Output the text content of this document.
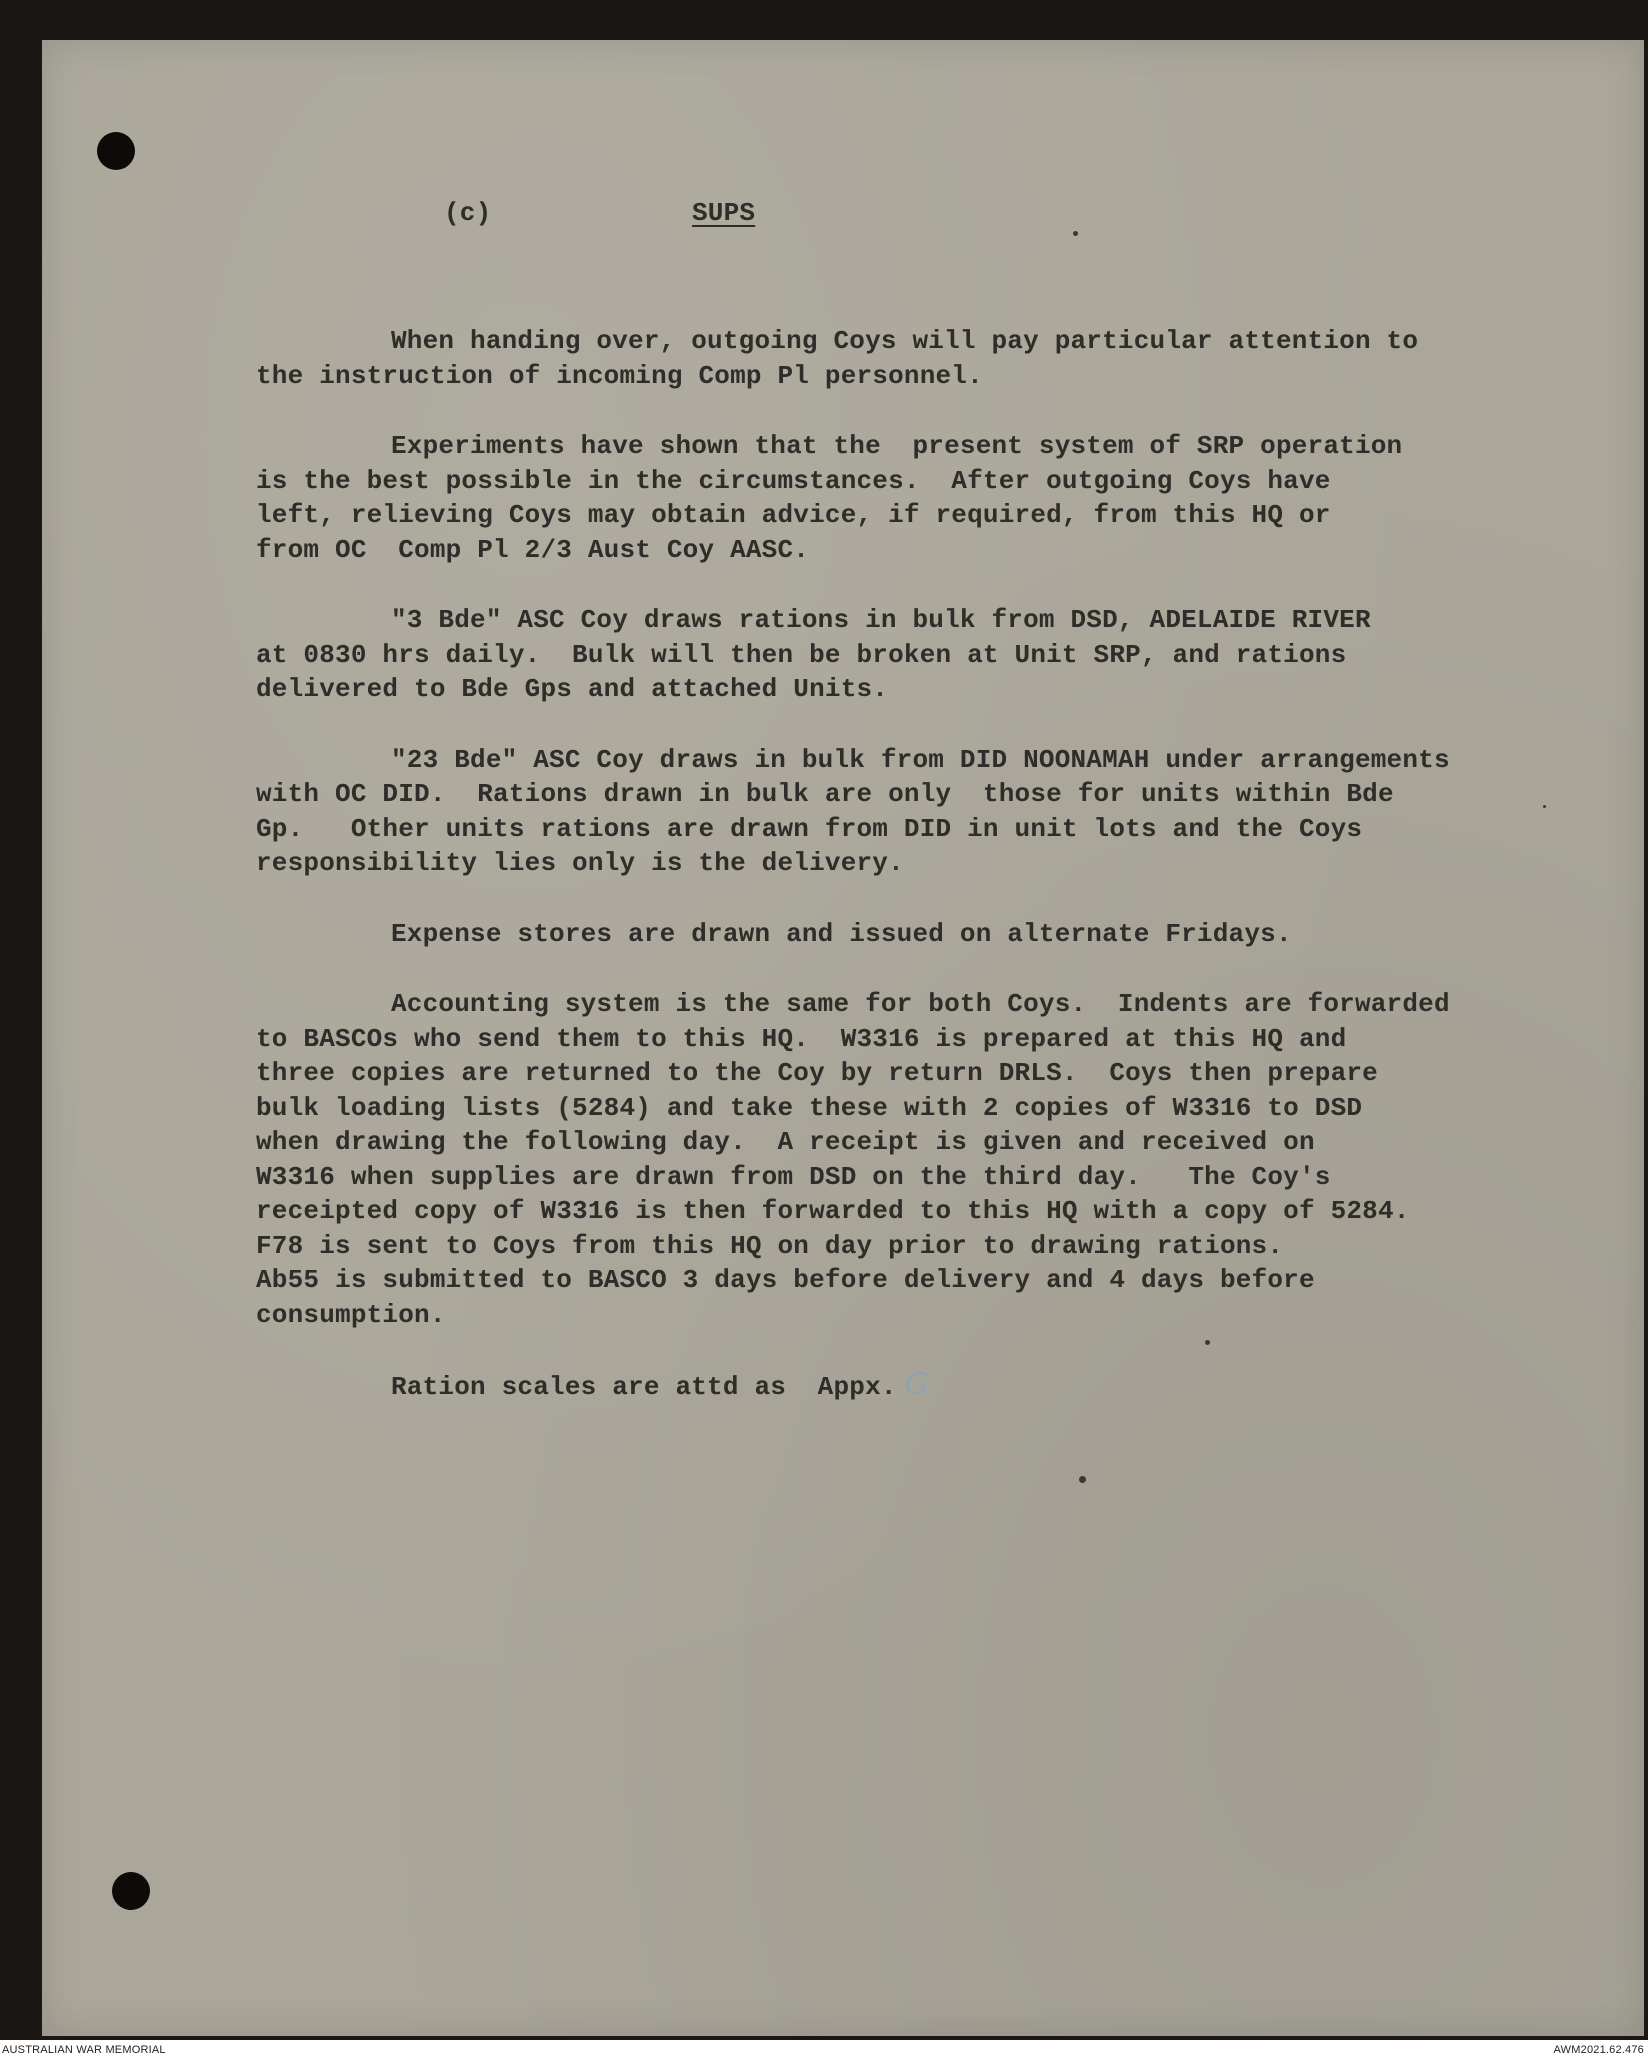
(c)	SUPS
When handing over, outgoing Coys will pay particular attention to
the instruction of incoming Comp Pl personnel.
Experiments have shown that the  present system of SRP operation
is the best possible in the circumstances.  After outgoing Coys have
left, relieving Coys may obtain advice, if required, from this HQ or
from OC  Comp Pl 2/3 Aust Coy AASC.
"3 Bde" ASC Coy draws rations in bulk from DSD, ADELAIDE RIVER
at 0830 hrs daily.  Bulk will then be broken at Unit SRP, and rations
delivered to Bde Gps and attached Units.
"23 Bde" ASC Coy draws in bulk from DID NOONAMAH under arrangements
with OC DID.  Rations drawn in bulk are only  those for units within Bde
Gp.   Other units rations are drawn from DID in unit lots and the Coys
responsibility lies only is the delivery.
Expense stores are drawn and issued on alternate Fridays.
Accounting system is the same for both Coys.  Indents are forwarded
to BASCOs who send them to this HQ.  W3316 is prepared at this HQ and
three copies are returned to the Coy by return DRLS.  Coys then prepare
bulk loading lists (5284) and take these with 2 copies of W3316 to DSD
when drawing the following day.  A receipt is given and received on
W3316 when supplies are drawn from DSD on the third day.   The Coy's
receipted copy of W3316 is then forwarded to this HQ with a copy of 5284.
F78 is sent to Coys from this HQ on day prior to drawing rations.
Ab55 is submitted to BASCO 3 days before delivery and 4 days before
consumption.
Ration scales are attd as  Appx. G
AUSTRALIAN WAR MEMORIAL	AWM2021.62.476
